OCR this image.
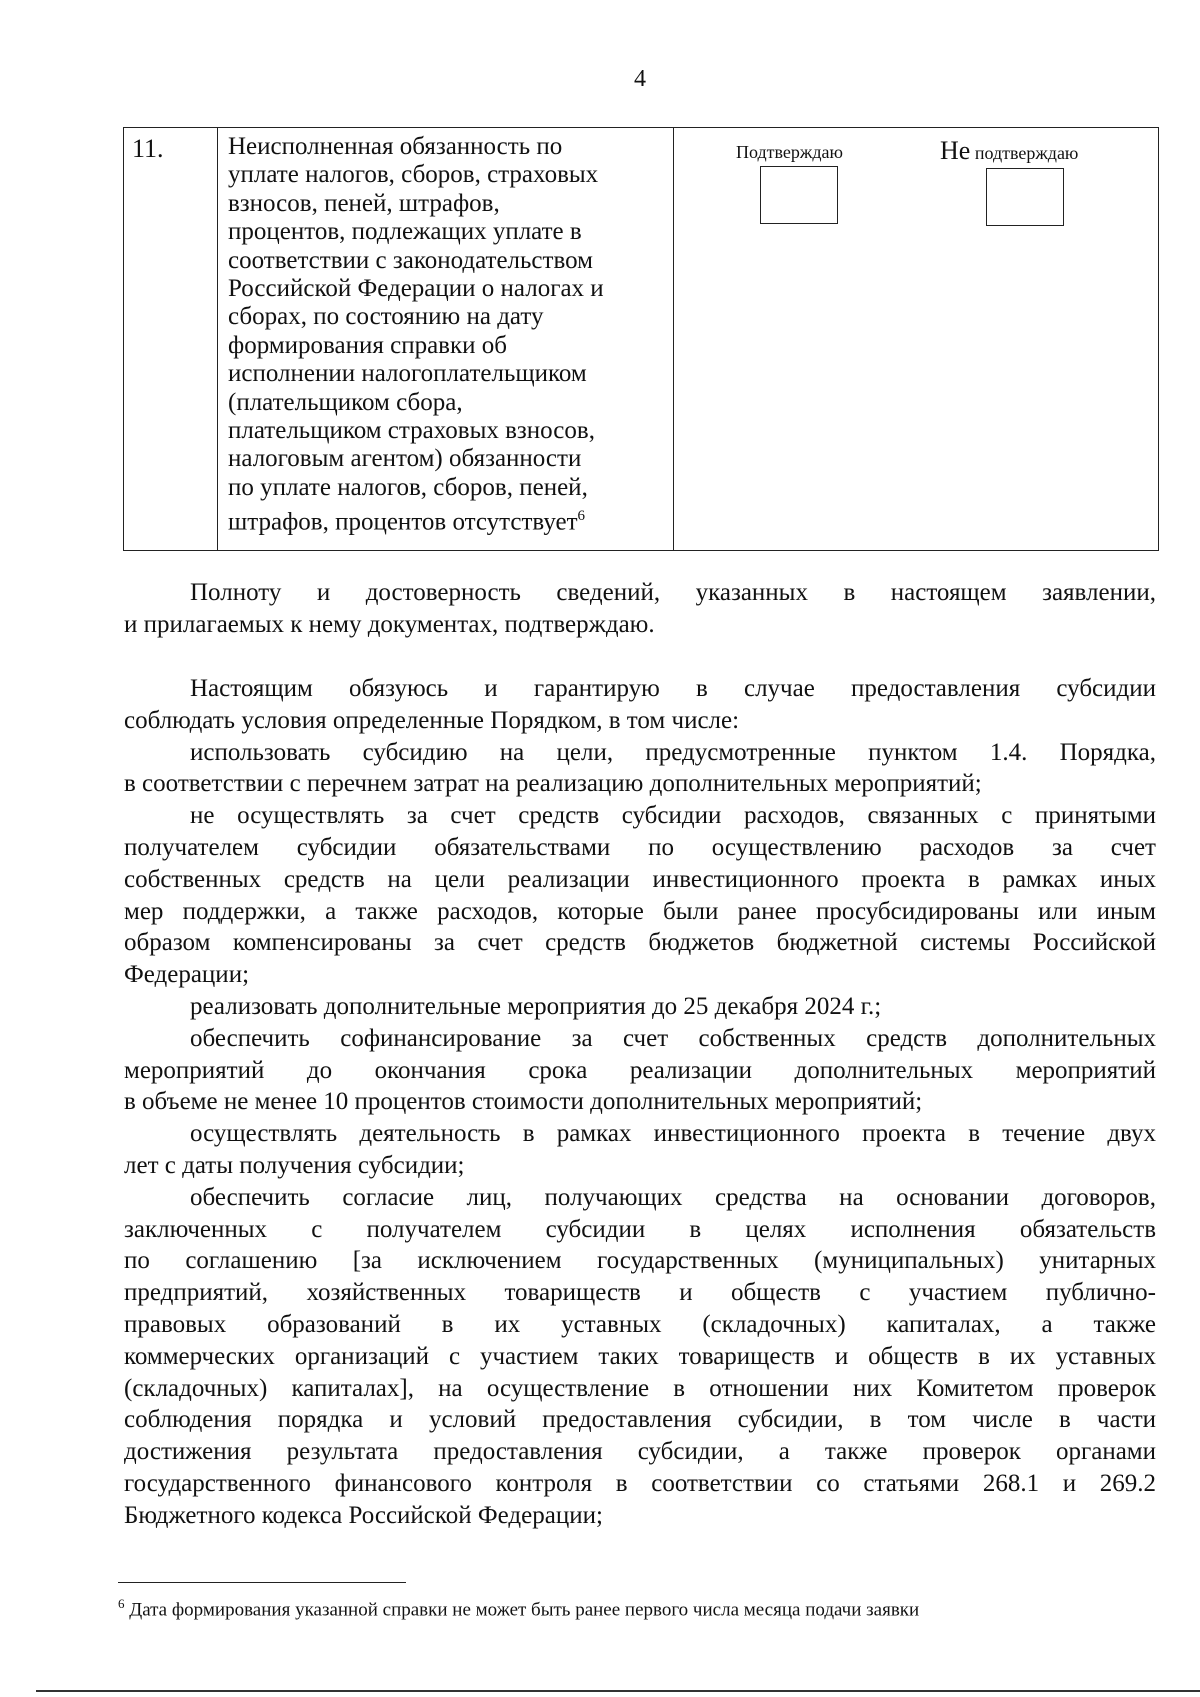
4
11.	Неисполненная обязанность по
уплате налогов, сборов, страховых
взносов, пеней, штрафов,
процентов, подлежащих уплате в
соответствии с законодательством
Российской Федерации о налогах и
сборах, по состоянию на дату
формирования справки об
исполнении налогоплательщиком
(плательщиком сбора,
плательщиком страховых взносов,
налоговым агентом) обязанности
по уплате налогов, сборов, пеней,
штрафов, процентов отсутствует$^6$
Подтверждаю	Не подтверждаю
Полноту и достоверность сведений, указанных в настоящем заявлении,
и прилагаемых к нему документах, подтверждаю.
Настоящим обязуюсь и гарантирую в случае предоставления субсидии
соблюдать условия определенные Порядком, в том числе:
использовать субсидию на цели, предусмотренные пунктом 1.4. Порядка,
в соответствии с перечнем затрат на реализацию дополнительных мероприятий;
не осуществлять за счет средств субсидии расходов, связанных с принятыми
получателем субсидии обязательствами по осуществлению расходов за счет
собственных средств на цели реализации инвестиционного проекта в рамках иных
мер поддержки, а также расходов, которые были ранее просубсидированы или иным
образом компенсированы за счет средств бюджетов бюджетной системы Российской
Федерации;
реализовать дополнительные мероприятия до 25 декабря 2024 г.;
обеспечить софинансирование за счет собственных средств дополнительных
мероприятий до окончания срока реализации дополнительных мероприятий
в объеме не менее 10 процентов стоимости дополнительных мероприятий;
осуществлять деятельность в рамках инвестиционного проекта в течение двух
лет с даты получения субсидии;
обеспечить согласие лиц, получающих средства на основании договоров,
заключенных с получателем субсидии в целях исполнения обязательств
по соглашению [за исключением государственных (муниципальных) унитарных
предприятий, хозяйственных товариществ и обществ с участием публично-
правовых образований в их уставных (складочных) капиталах, а также
коммерческих организаций с участием таких товариществ и обществ в их уставных
(складочных) капиталах], на осуществление в отношении них Комитетом проверок
соблюдения порядка и условий предоставления субсидии, в том числе в части
достижения результата предоставления субсидии, а также проверок органами
государственного финансового контроля в соответствии со статьями 268.1 и 269.2
Бюджетного кодекса Российской Федерации;
$^6$ Дата формирования указанной справки не может быть ранее первого числа месяца подачи заявки
